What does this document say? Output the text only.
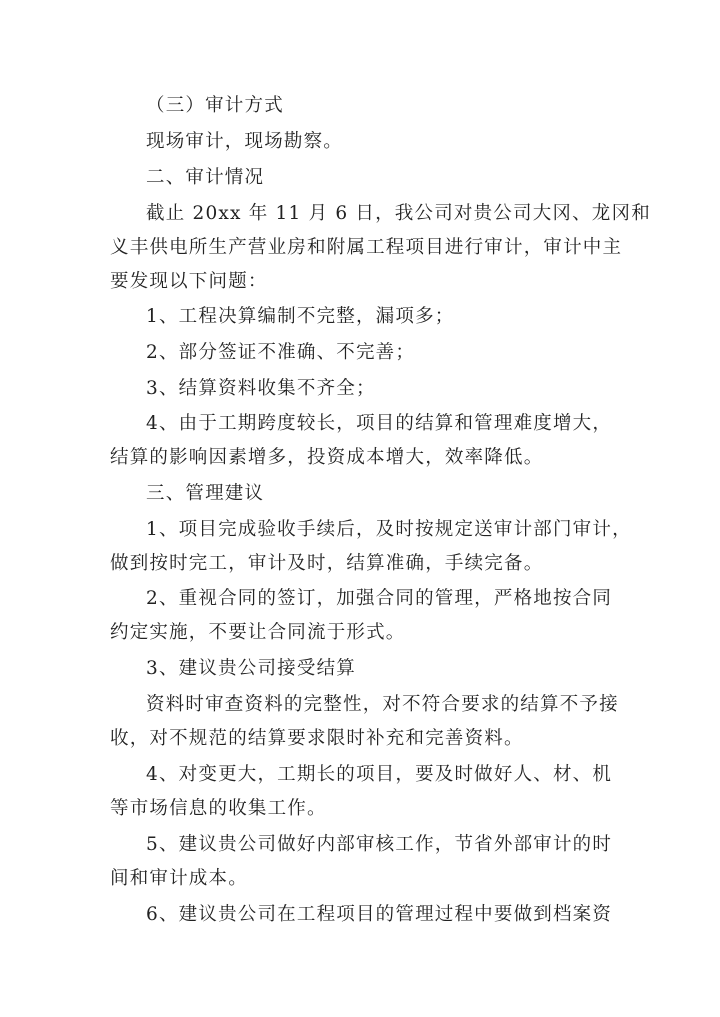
（三）审计方式
现场审计，现场勘察。
二、审计情况
截止 20xx 年 11 月 6 日，我公司对贵公司大冈、龙冈和
义丰供电所生产营业房和附属工程项目进行审计，审计中主
要发现以下问题：
1、工程决算编制不完整，漏项多；
2、部分签证不准确、不完善；
3、结算资料收集不齐全；
4、由于工期跨度较长，项目的结算和管理难度增大，
结算的影响因素增多，投资成本增大，效率降低。
三、管理建议
1、项目完成验收手续后，及时按规定送审计部门审计，
做到按时完工，审计及时，结算准确，手续完备。
2、重视合同的签订，加强合同的管理，严格地按合同
约定实施，不要让合同流于形式。
3、建议贵公司接受结算
资料时审查资料的完整性，对不符合要求的结算不予接
收，对不规范的结算要求限时补充和完善资料。
4、对变更大，工期长的项目，要及时做好人、材、机
等市场信息的收集工作。
5、建议贵公司做好内部审核工作，节省外部审计的时
间和审计成本。
6、建议贵公司在工程项目的管理过程中要做到档案资
